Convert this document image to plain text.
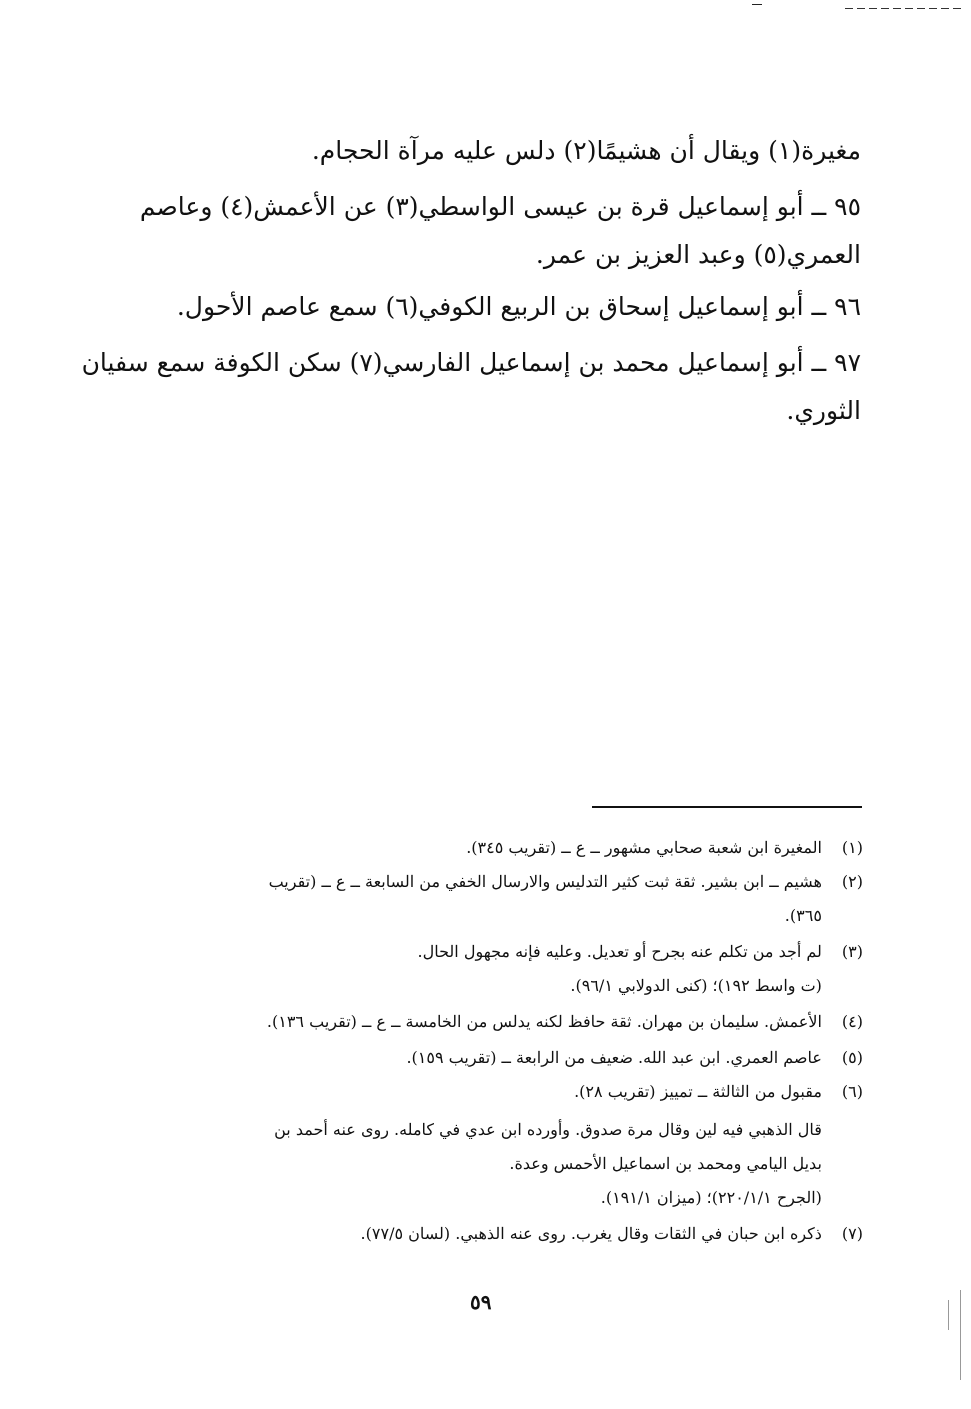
مغيرة(١) ويقال أن هشيمًا(٢) دلس عليه مرآة الحجام.
٩٥ ــ أبو إسماعيل قرة بن عيسى الواسطي(٣) عن الأعمش(٤) وعاصم
العمري(٥) وعبد العزيز بن عمر.
٩٦ ــ أبو إسماعيل إسحاق بن الربيع الكوفي(٦) سمع عاصم الأحول.
٩٧ ــ أبو إسماعيل محمد بن إسماعيل الفارسي(٧) سكن الكوفة سمع سفيان
الثوري.
(١) المغيرة ابن شعبة صحابي مشهور ــ ع ــ (تقريب ٣٤٥).
(٢) هشيم ــ ابن بشير. ثقة ثبت كثير التدليس والارسال الخفي من السابعة ــ ع ــ (تقريب
٣٦٥).
(٣) لم أجد من تكلم عنه بجرح أو تعديل. وعليه فإنه مجهول الحال.
(ت واسط ١٩٢)؛ (كنى الدولابي ٩٦/١).
(٤) الأعمش. سليمان بن مهران. ثقة حافظ لكنه يدلس من الخامسة ــ ع ــ (تقريب ١٣٦).
(٥) عاصم العمري. ابن عبد الله. ضعيف من الرابعة ــ (تقريب ١٥٩).
(٦) مقبول من الثالثة ــ تمييز (تقريب ٢٨).
قال الذهبي فيه لين وقال مرة صدوق. وأورده ابن عدي في كامله. روى عنه أحمد بن
بديل اليامي ومحمد بن اسماعيل الأحمس وعدة.
(الجرح ٢٢٠/١/١)؛ (ميزان ١٩١/١).
(٧) ذكره ابن حبان في الثقات وقال يغرب. روى عنه الذهبي. (لسان ٧٧/٥).
٥٩
